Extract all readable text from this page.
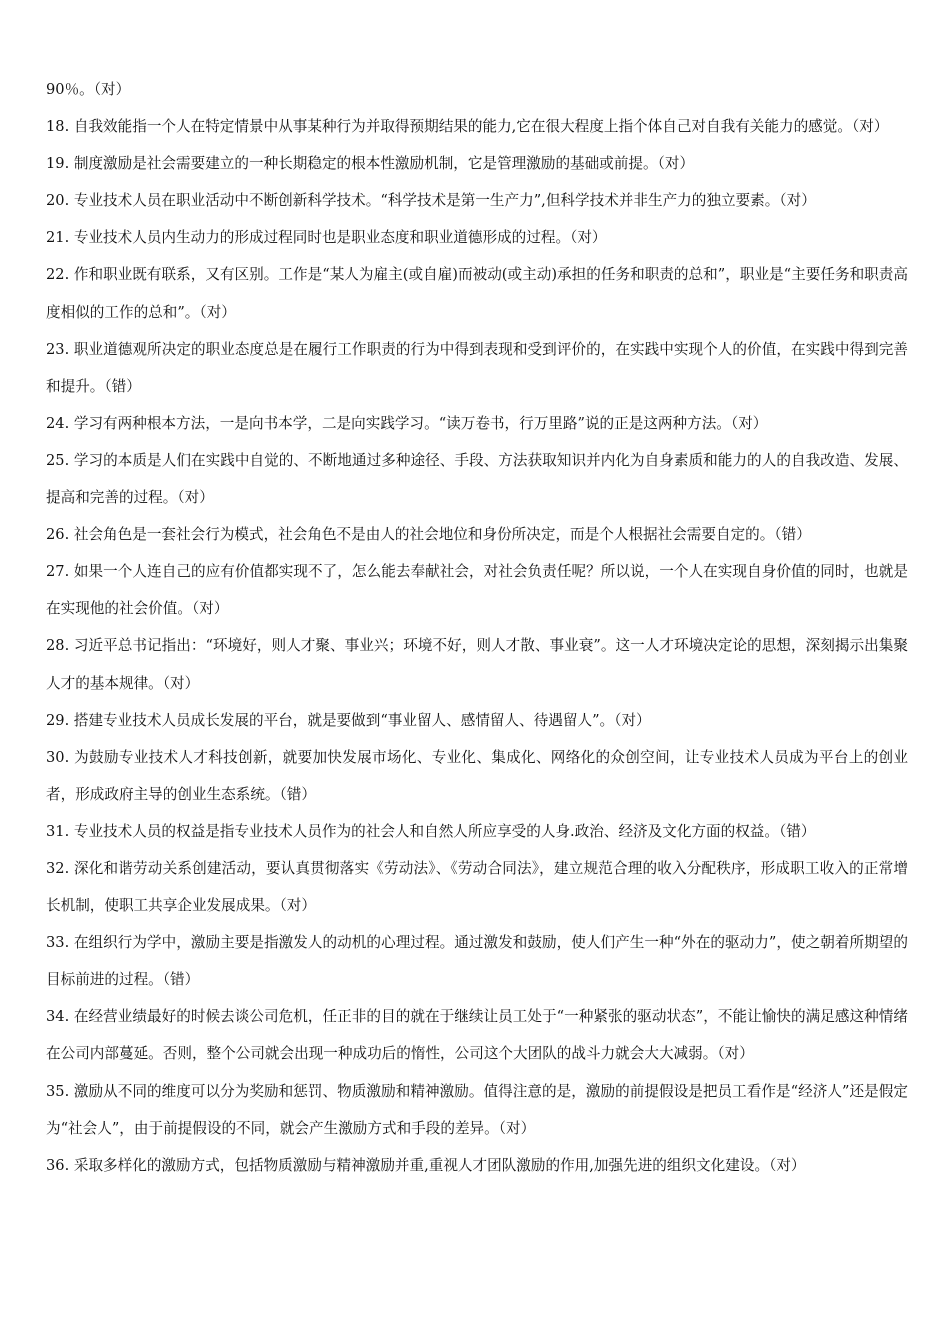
90％。（对）

18. 自我效能指一个人在特定情景中从事某种行为并取得预期结果的能力,它在很大程度上指个体自己对自我有关能力的感觉。（对）

19. 制度激励是社会需要建立的一种长期稳定的根本性激励机制，它是管理激励的基础或前提。（对）

20. 专业技术人员在职业活动中不断创新科学技术。“科学技术是第一生产力”,但科学技术并非生产力的独立要素。（对）

21. 专业技术人员内生动力的形成过程同时也是职业态度和职业道德形成的过程。（对）

22. 作和职业既有联系，又有区别。工作是“某人为雇主(或自雇)而被动(或主动)承担的任务和职责的总和”，职业是“主要任务和职责高度相似的工作的总和”。（对）

23. 职业道德观所决定的职业态度总是在履行工作职责的行为中得到表现和受到评价的，在实践中实现个人的价值，在实践中得到完善和提升。（错）

24. 学习有两种根本方法，一是向书本学，二是向实践学习。“读万卷书，行万里路”说的正是这两种方法。（对）

25. 学习的本质是人们在实践中自觉的、不断地通过多种途径、手段、方法获取知识并内化为自身素质和能力的人的自我改造、发展、提高和完善的过程。（对）

26. 社会角色是一套社会行为模式，社会角色不是由人的社会地位和身份所决定，而是个人根据社会需要自定的。（错）

27. 如果一个人连自己的应有价值都实现不了，怎么能去奉献社会，对社会负责任呢？所以说，一个人在实现自身价值的同时，也就是在实现他的社会价值。（对）

28. 习近平总书记指出：“环境好，则人才聚、事业兴；环境不好，则人才散、事业衰”。这一人才环境决定论的思想，深刻揭示出集聚人才的基本规律。（对）

29. 搭建专业技术人员成长发展的平台，就是要做到“事业留人、感情留人、待遇留人”。（对）

30. 为鼓励专业技术人才科技创新，就要加快发展市场化、专业化、集成化、网络化的众创空间，让专业技术人员成为平台上的创业者，形成政府主导的创业生态系统。（错）

31. 专业技术人员的权益是指专业技术人员作为的社会人和自然人所应享受的人身.政治、经济及文化方面的权益。（错）

32. 深化和谐劳动关系创建活动，要认真贯彻落实《劳动法》、《劳动合同法》，建立规范合理的收入分配秩序，形成职工收入的正常增长机制，使职工共享企业发展成果。（对）

33. 在组织行为学中，激励主要是指激发人的动机的心理过程。通过激发和鼓励，使人们产生一种“外在的驱动力”，使之朝着所期望的目标前进的过程。（错）

34. 在经营业绩最好的时候去谈公司危机，任正非的目的就在于继续让员工处于“一种紧张的驱动状态”，不能让愉快的满足感这种情绪在公司内部蔓延。否则，整个公司就会出现一种成功后的惰性，公司这个大团队的战斗力就会大大减弱。（对）

35. 激励从不同的维度可以分为奖励和惩罚、物质激励和精神激励。值得注意的是，激励的前提假设是把员工看作是“经济人”还是假定为“社会人”，由于前提假设的不同，就会产生激励方式和手段的差异。（对）

36. 采取多样化的激励方式，包括物质激励与精神激励并重,重视人才团队激励的作用,加强先进的组织文化建设。（对）
